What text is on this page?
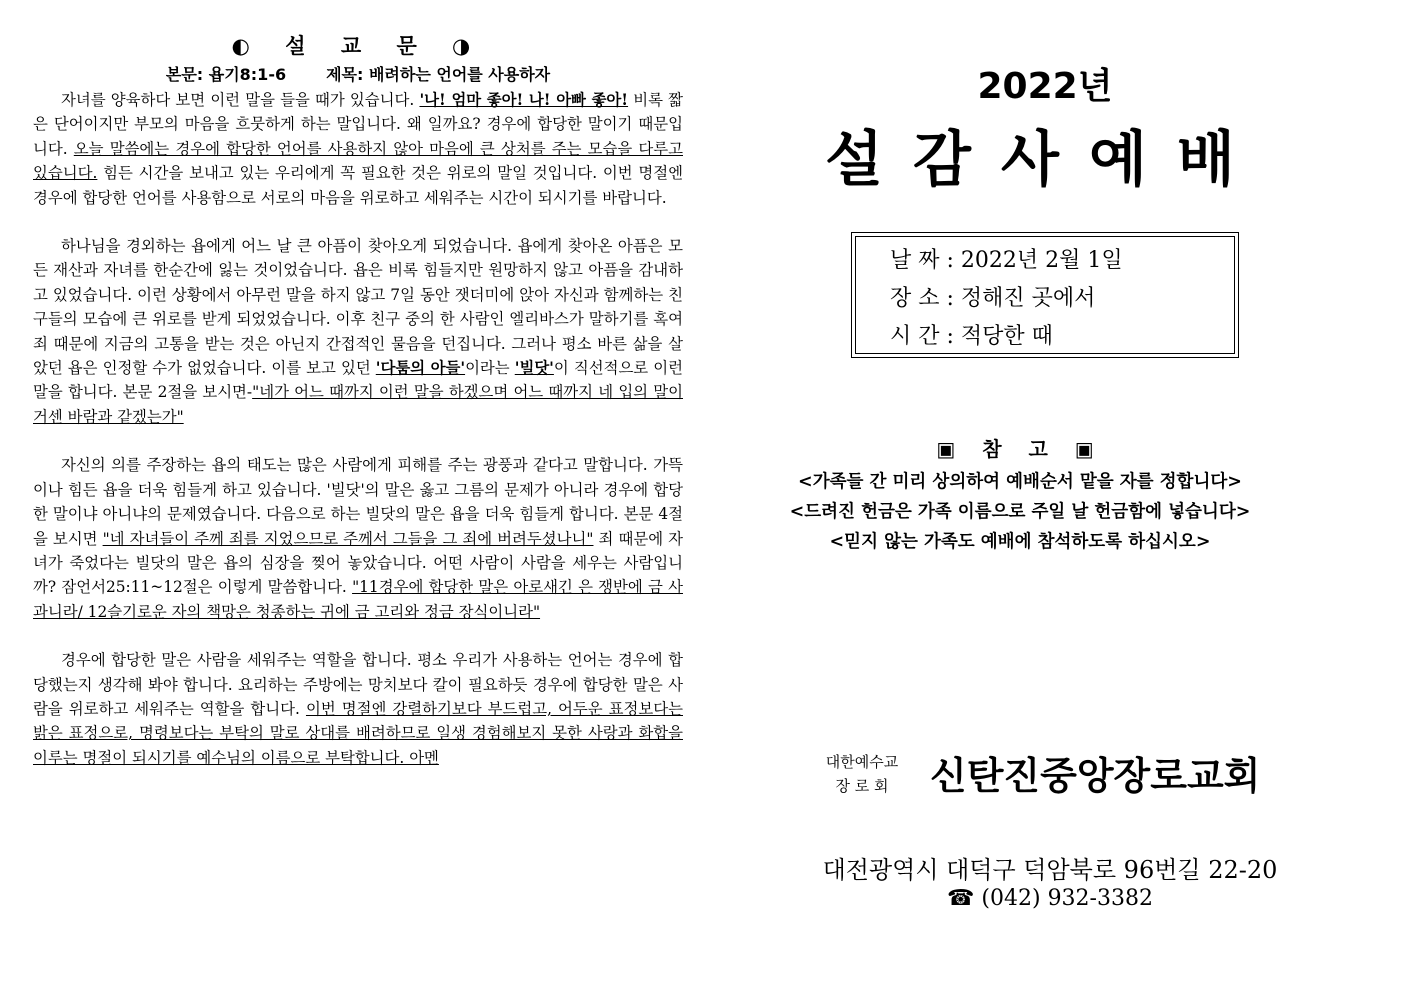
◐ 설 교 문 ◑
본문: 욥기8:1-6	제목: 배려하는 언어를 사용하자

자녀를 양육하다 보면 이런 말을 들을 때가 있습니다. '나! 엄마 좋아! 나! 아빠 좋아! 비록 짧은 단어이지만 부모의 마음을 흐뭇하게 하는 말입니다. 왜 일까요? 경우에 합당한 말이기 때문입니다. 오늘 말씀에는 경우에 합당한 언어를 사용하지 않아 마음에 큰 상처를 주는 모습을 다루고 있습니다. 힘든 시간을 보내고 있는 우리에게 꼭 필요한 것은 위로의 말일 것입니다. 이번 명절엔 경우에 합당한 언어를 사용함으로 서로의 마음을 위로하고 세워주는 시간이 되시기를 바랍니다.

하나님을 경외하는 욥에게 어느 날 큰 아픔이 찾아오게 되었습니다. 욥에게 찾아온 아픔은 모든 재산과 자녀를 한순간에 잃는 것이었습니다. 욥은 비록 힘들지만 원망하지 않고 아픔을 감내하고 있었습니다. 이런 상황에서 아무런 말을 하지 않고 7일 동안 잿더미에 앉아 자신과 함께하는 친구들의 모습에 큰 위로를 받게 되었었습니다. 이후 친구 중의 한 사람인 엘리바스가 말하기를 혹여 죄 때문에 지금의 고통을 받는 것은 아닌지 간접적인 물음을 던집니다. 그러나 평소 바른 삶을 살았던 욥은 인정할 수가 없었습니다. 이를 보고 있던 '다툼의 아들'이라는 '빌닷'이 직선적으로 이런 말을 합니다. 본문 2절을 보시면-"네가 어느 때까지 이런 말을 하겠으며 어느 때까지 네 입의 말이 거센 바람과 같겠는가"

자신의 의를 주장하는 욥의 태도는 많은 사람에게 피해를 주는 광풍과 같다고 말합니다. 가뜩이나 힘든 욥을 더욱 힘들게 하고 있습니다. '빌닷'의 말은 옳고 그름의 문제가 아니라 경우에 합당한 말이냐 아니냐의 문제였습니다. 다음으로 하는 빌닷의 말은 욥을 더욱 힘들게 합니다. 본문 4절을 보시면 "네 자녀들이 주께 죄를 지었으므로 주께서 그들을 그 죄에 버려두셨나니" 죄 때문에 자녀가 죽었다는 빌닷의 말은 욥의 심장을 찢어 놓았습니다. 어떤 사람이 사람을 세우는 사람입니까? 잠언서25:11~12절은 이렇게 말씀합니다. "11경우에 합당한 말은 아로새긴 은 쟁반에 금 사과니라/ 12슬기로운 자의 책망은 청종하는 귀에 금 고리와 정금 장식이니라"

경우에 합당한 말은 사람을 세워주는 역할을 합니다. 평소 우리가 사용하는 언어는 경우에 합당했는지 생각해 봐야 합니다. 요리하는 주방에는 망치보다 칼이 필요하듯 경우에 합당한 말은 사람을 위로하고 세워주는 역할을 합니다. 이번 명절엔 강렬하기보다 부드럽고, 어두운 표정보다는 밝은 표정으로, 명령보다는 부탁의 말로 상대를 배려하므로 일생 경험해보지 못한 사랑과 화합을 이루는 명절이 되시기를 예수님의 이름으로 부탁합니다. 아멘

2022년
설감사예배
날 짜 : 2022년 2월 1일
장 소 : 정해진 곳에서
시 간 : 적당한 때
▣ 참 고 ▣
<가족들 간 미리 상의하여 예배순서 맡을 자를 정합니다>
<드려진 헌금은 가족 이름으로 주일 날 헌금함에 넣습니다>
<믿지 않는 가족도 예배에 참석하도록 하십시오>
대한예수교
장 로 회	신탄진중앙장로교회
대전광역시 대덕구 덕암북로 96번길 22-20
☎ (042) 932-3382
